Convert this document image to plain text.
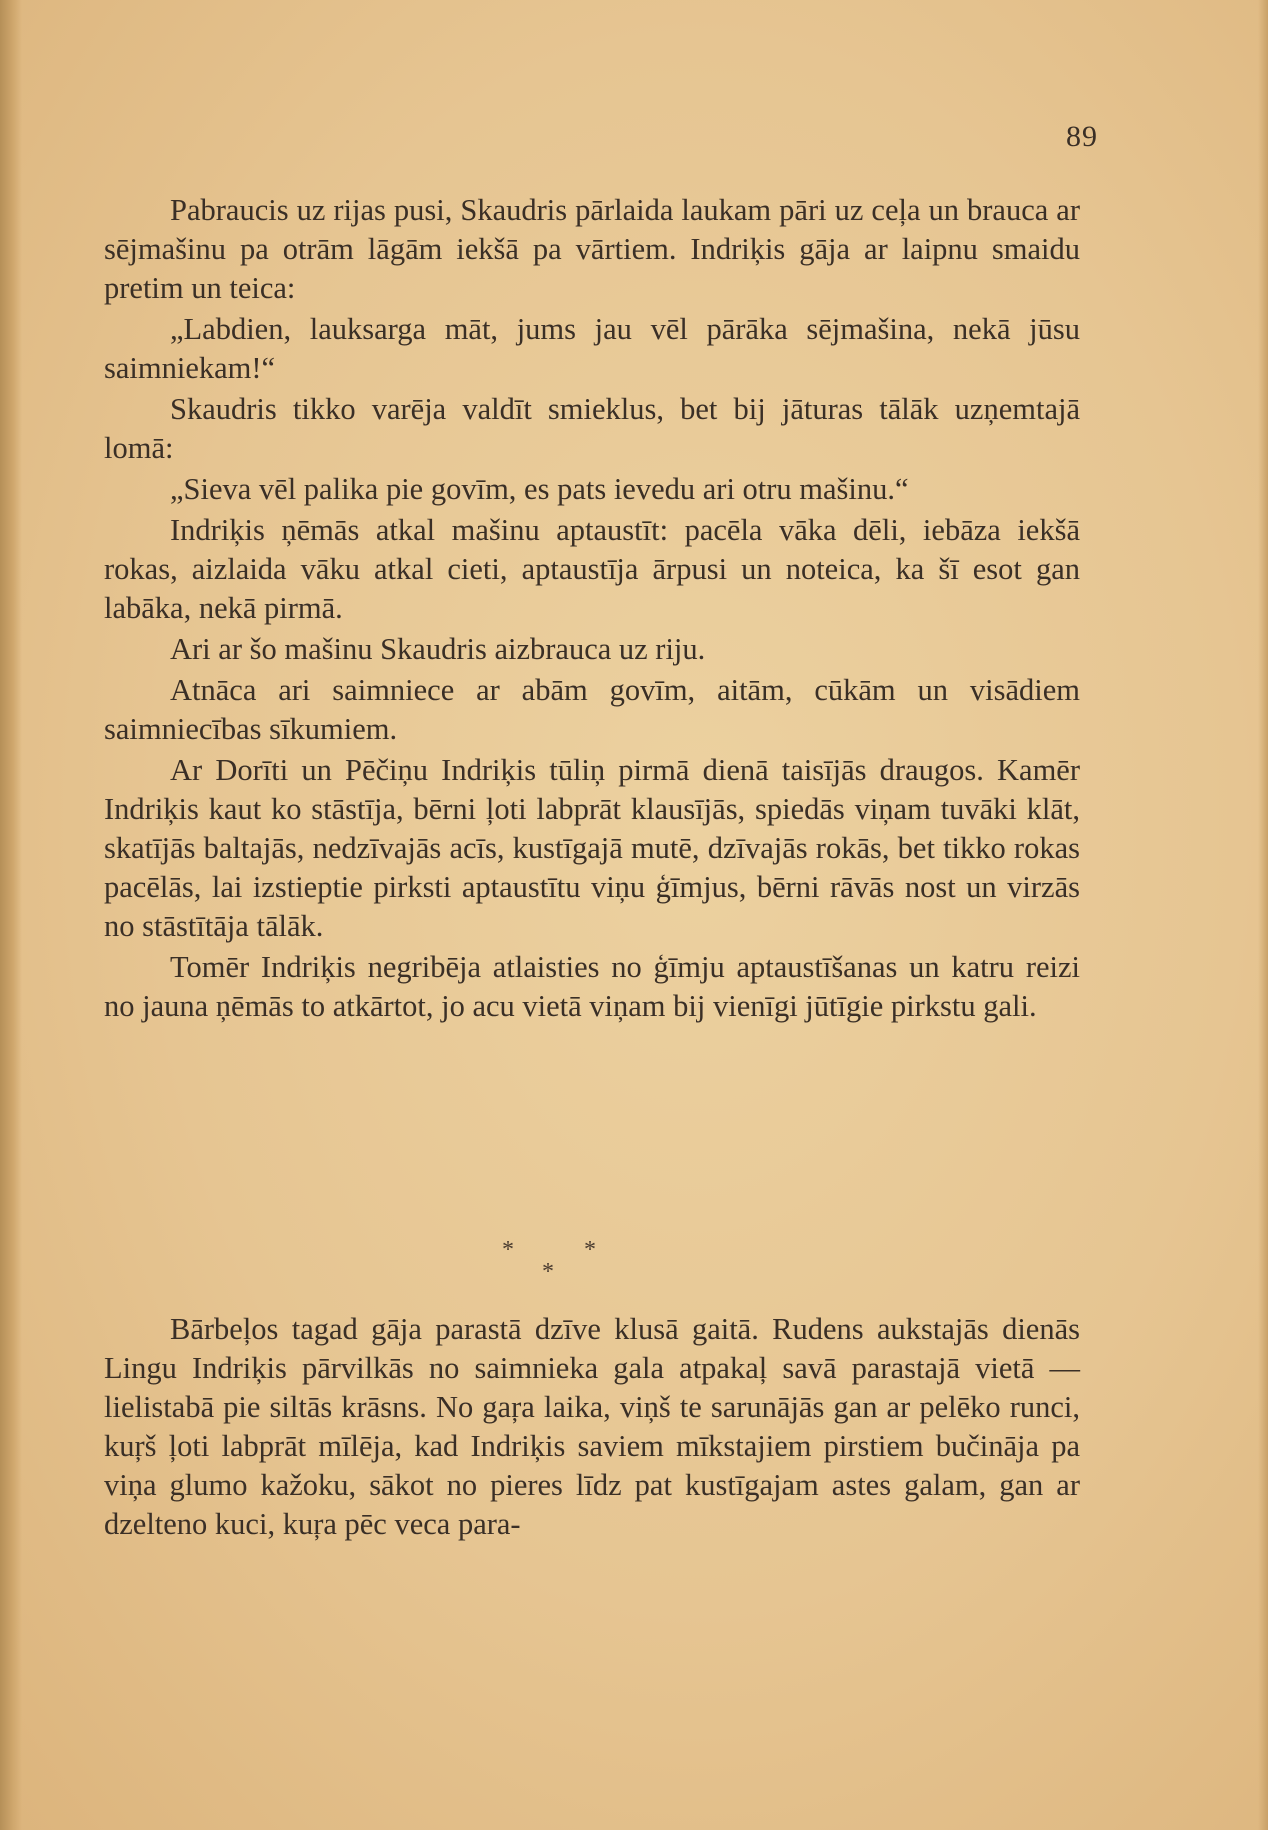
89

Pabraucis uz rijas pusi, Skaudris pārlaida laukam pāri uz ceļa un brauca ar sējmašinu pa otrām lāgām iekšā pa vārtiem. Indriķis gāja ar laipnu smaidu pretim un teica:

„Labdien, lauksarga māt, jums jau vēl pārāka sējmašina, nekā jūsu saimniekam!“

Skaudris tikko varēja valdīt smieklus, bet bij jāturas tālāk uzņemtajā lomā:

„Sieva vēl palika pie govīm, es pats ievedu ari otru mašinu.“

Indriķis ņēmās atkal mašinu aptaustīt: pacēla vāka dēli, iebāza iekšā rokas, aizlaida vāku atkal cieti, aptaustīja ārpusi un noteica, ka šī esot gan labāka, nekā pirmā.

Ari ar šo mašinu Skaudris aizbrauca uz riju.

Atnāca ari saimniece ar abām govīm, aitām, cūkām un visādiem saimniecības sīkumiem.

Ar Dorīti un Pēčiņu Indriķis tūliņ pirmā dienā taisījās draugos. Kamēr Indriķis kaut ko stāstīja, bērni ļoti labprāt klausījās, spiedās viņam tuvāki klāt, skatījās baltajās, nedzīvajās acīs, kustīgajā mutē, dzīvajās rokās, bet tikko rokas pacēlās, lai izstieptie pirksti aptaustītu viņu ģīmjus, bērni rāvās nost un virzās no stāstītāja tālāk.

Tomēr Indriķis negribēja atlaisties no ģīmju aptaustīšanas un katru reizi no jauna ņēmās to atkārtot, jo acu vietā viņam bij vienīgi jūtīgie pirkstu gali.

*	*
*

Bārbeļos tagad gāja parastā dzīve klusā gaitā. Rudens aukstajās dienās Lingu Indriķis pārvilkās no saimnieka gala atpakaļ savā parastajā vietā — lielistabā pie siltās krāsns. No gaŗa laika, viņš te sarunājās gan ar pelēko runci, kuŗš ļoti labprāt mīlēja, kad Indriķis saviem mīkstajiem pirstiem bučināja pa viņa glumo kažoku, sākot no pieres līdz pat kustīgajam astes galam, gan ar dzelteno kuci, kuŗa pēc veca para-
